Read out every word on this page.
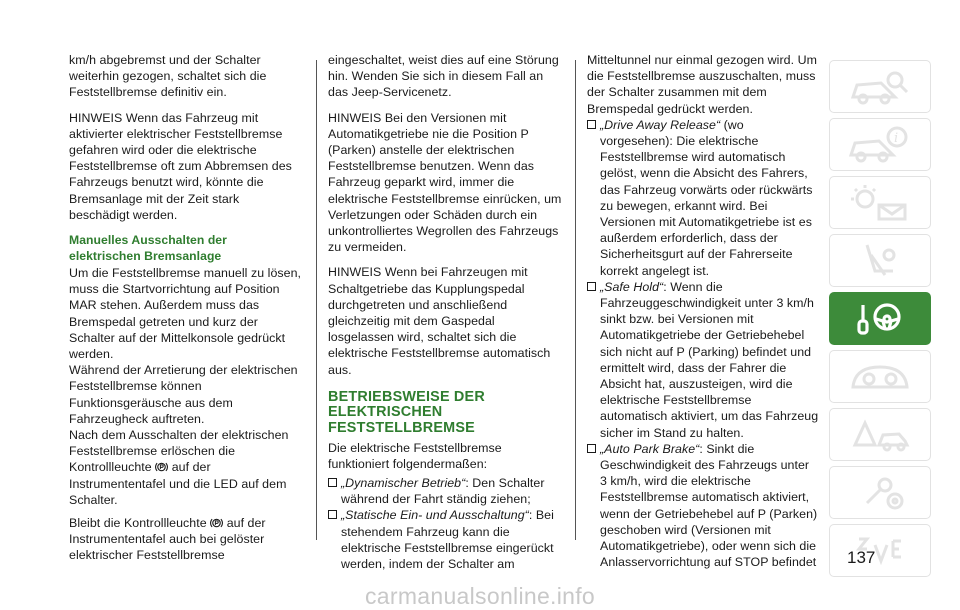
km/h abgebremst und der Schalter weiterhin gezogen, schaltet sich die Feststellbremse definitiv ein.

HINWEIS Wenn das Fahrzeug mit aktivierter elektrischer Feststellbremse gefahren wird oder die elektrische Feststellbremse oft zum Abbremsen des Fahrzeugs benutzt wird, könnte die Bremsanlage mit der Zeit stark beschädigt werden.

Manuelles Ausschalten der elektrischen Bremsanlage

Um die Feststellbremse manuell zu lösen, muss die Startvorrichtung auf Position MAR stehen. Außerdem muss das Bremspedal getreten und kurz der Schalter auf der Mittelkonsole gedrückt werden.

Während der Arretierung der elektrischen Feststellbremse können Funktionsgeräusche aus dem Fahrzeugheck auftreten.

Nach dem Ausschalten der elektrischen Feststellbremse erlöschen die Kontrollleuchte auf der Instrumententafel und die LED auf dem Schalter.

Bleibt die Kontrollleuchte auf der Instrumententafel auch bei gelöster elektrischer Feststellbremse

eingeschaltet, weist dies auf eine Störung hin. Wenden Sie sich in diesem Fall an das Jeep-Servicenetz.

HINWEIS Bei den Versionen mit Automatikgetriebe nie die Position P (Parken) anstelle der elektrischen Feststellbremse benutzen. Wenn das Fahrzeug geparkt wird, immer die elektrische Feststellbremse einrücken, um Verletzungen oder Schäden durch ein unkontrolliertes Wegrollen des Fahrzeugs zu vermeiden.

HINWEIS Wenn bei Fahrzeugen mit Schaltgetriebe das Kupplungspedal durchgetreten und anschließend gleichzeitig mit dem Gaspedal losgelassen wird, schaltet sich die elektrische Feststellbremse automatisch aus.

BETRIEBSWEISE DER ELEKTRISCHEN FESTSTELLBREMSE

Die elektrische Feststellbremse funktioniert folgendermaßen:

„Dynamischer Betrieb“: Den Schalter während der Fahrt ständig ziehen;
„Statische Ein- und Ausschaltung“: Bei stehendem Fahrzeug kann die elektrische Feststellbremse eingerückt werden, indem der Schalter am

Mitteltunnel nur einmal gezogen wird. Um die Feststellbremse auszuschalten, muss der Schalter zusammen mit dem Bremspedal gedrückt werden.

„Drive Away Release“ (wo vorgesehen): Die elektrische Feststellbremse wird automatisch gelöst, wenn die Absicht des Fahrers, das Fahrzeug vorwärts oder rückwärts zu bewegen, erkannt wird. Bei Versionen mit Automatikgetriebe ist es außerdem erforderlich, dass der Sicherheitsgurt auf der Fahrerseite korrekt angelegt ist.
„Safe Hold“: Wenn die Fahrzeuggeschwindigkeit unter 3 km/h sinkt bzw. bei Versionen mit Automatikgetriebe der Getriebehebel sich nicht auf P (Parking) befindet und ermittelt wird, dass der Fahrer die Absicht hat, auszusteigen, wird die elektrische Feststellbremse automatisch aktiviert, um das Fahrzeug sicher im Stand zu halten.
„Auto Park Brake“: Sinkt die Geschwindigkeit des Fahrzeugs unter 3 km/h, wird die elektrische Feststellbremse automatisch aktiviert, wenn der Getriebehebel auf P (Parken) geschoben wird (Versionen mit Automatikgetriebe), oder wenn sich die Anlasservorrichtung auf STOP befindet
i
137
carmanualsonline.info
